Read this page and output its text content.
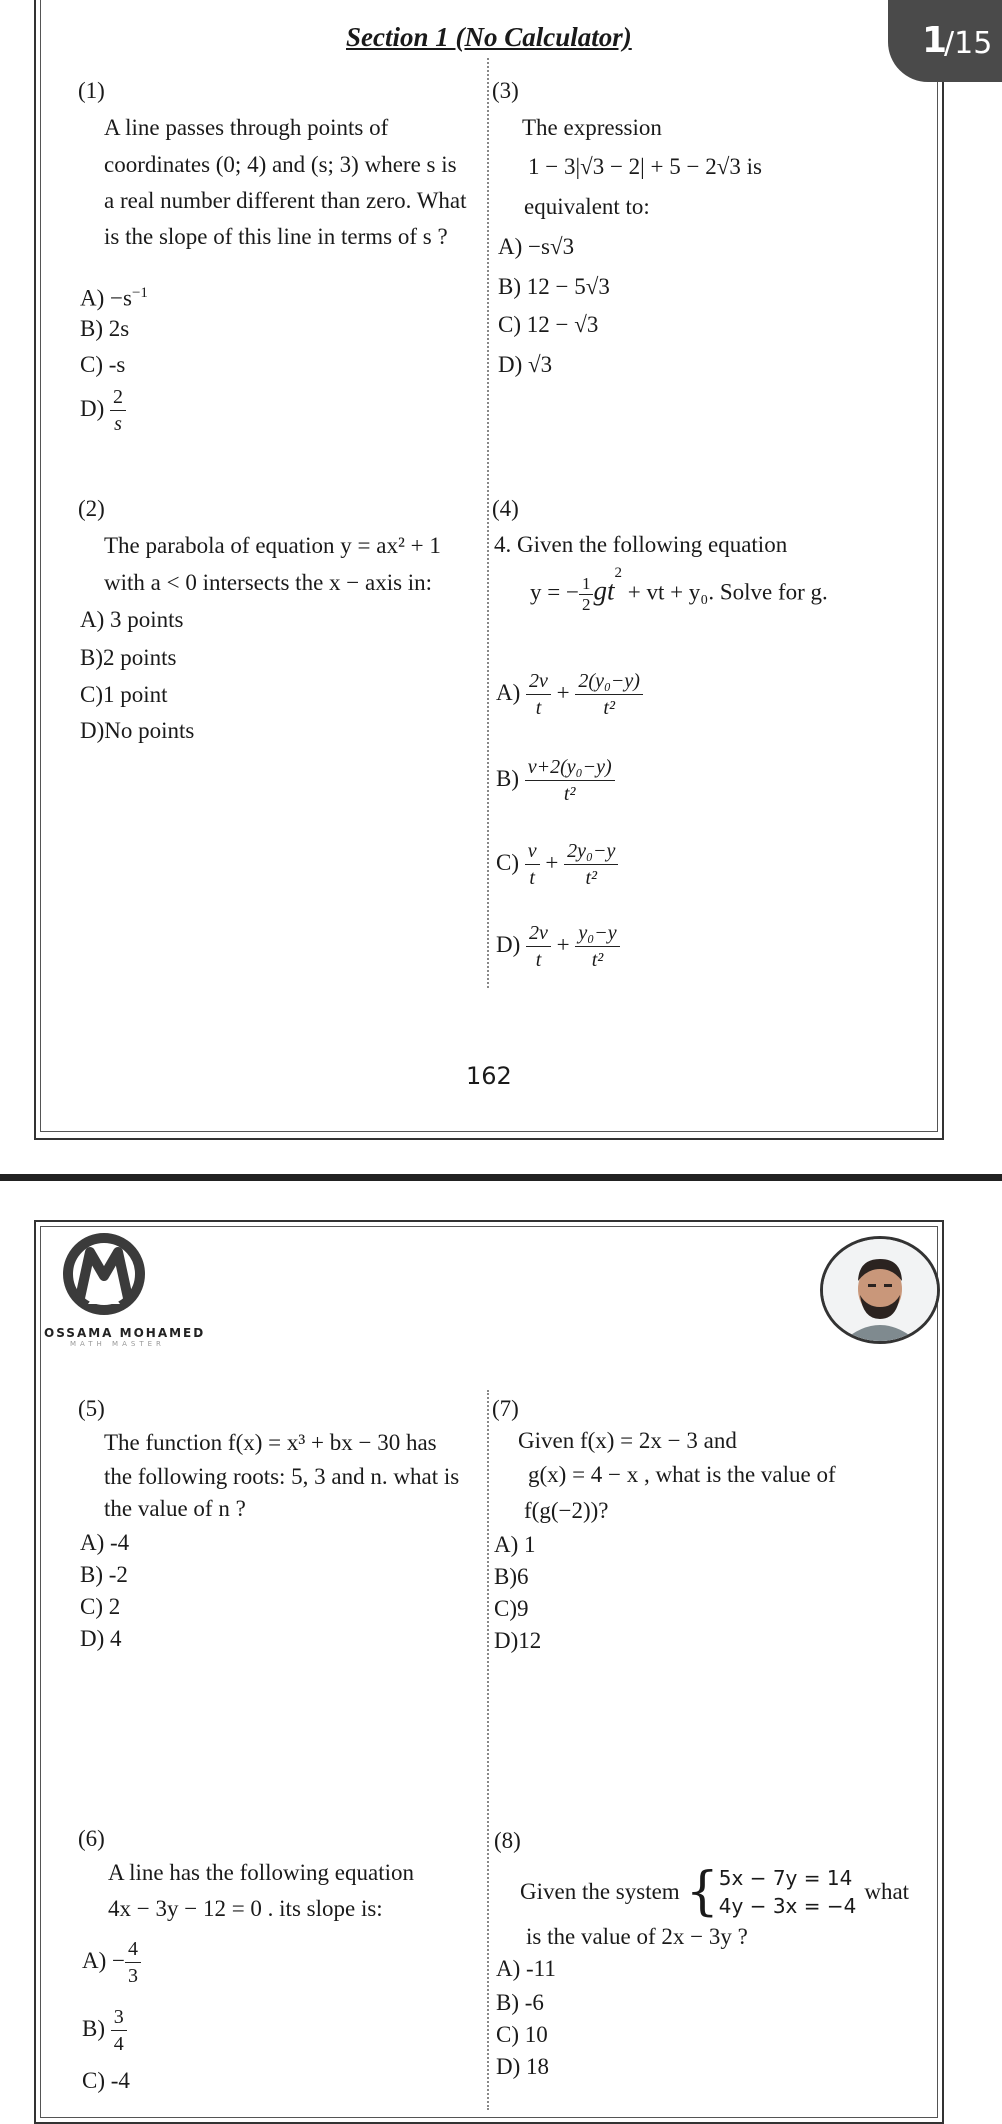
1
/15
Section 1 (No Calculator)
(1)
A line passes through points of
coordinates (0; 4) and (s; 3) where s is
a real number different than zero. What
is the slope of this line in terms of s ?
$A) -s^{-1}$
B) 2s
C) -s
$D) \frac{2}{s}$
(3)
The expression
1 − 3|√3 − 2| + 5 − 2√3 is
equivalent to:
A) −s√3
B) 12 − 5√3
C) 12 − √3
D) √3
(2)
The parabola of equation y = ax² + 1
with a < 0 intersects the x − axis in:
A) 3 points
B)2 points
C)1 point
D)No points
(4)
4. Given the following equation
y = − $\frac{1}{2} gt^2$ + vt + y₀. Solve for g.
$A) \frac{2v}{t} + \frac{\text{2(y₀−y)}}{\text{t²}}$
$B) \frac{\text{v+2(y₀−y)}}{\text{t²}}$
$C) \frac{v}{t} + \frac{\text{2y₀−y}}{\text{t²}}$
$D) \frac{2v}{t} + \frac{\text{y₀−y}}{\text{t²}}$
162
OSSAMA MOHAMED
MATH MASTER
(5)
The function f(x) = x³ + bx − 30 has
the following roots: 5, 3 and n. what is
the value of n ?
A) -4
B) -2
C) 2
D) 4
(7)
Given f(x) = 2x − 3 and
g(x) = 4 − x , what is the value of
f(g(−2))?
A) 1
B)6
C)9
D)12
(6)
A line has the following equation
4x − 3y − 12 = 0 . its slope is:
$A) - \frac{4}{3}$
$B) \frac{3}{4}$
C) -4
(8)
Given the system { 5x − 7y = 14
4y − 3x = −4
what
is the value of 2x − 3y ?
A) -11
B) -6
C) 10
D) 18
